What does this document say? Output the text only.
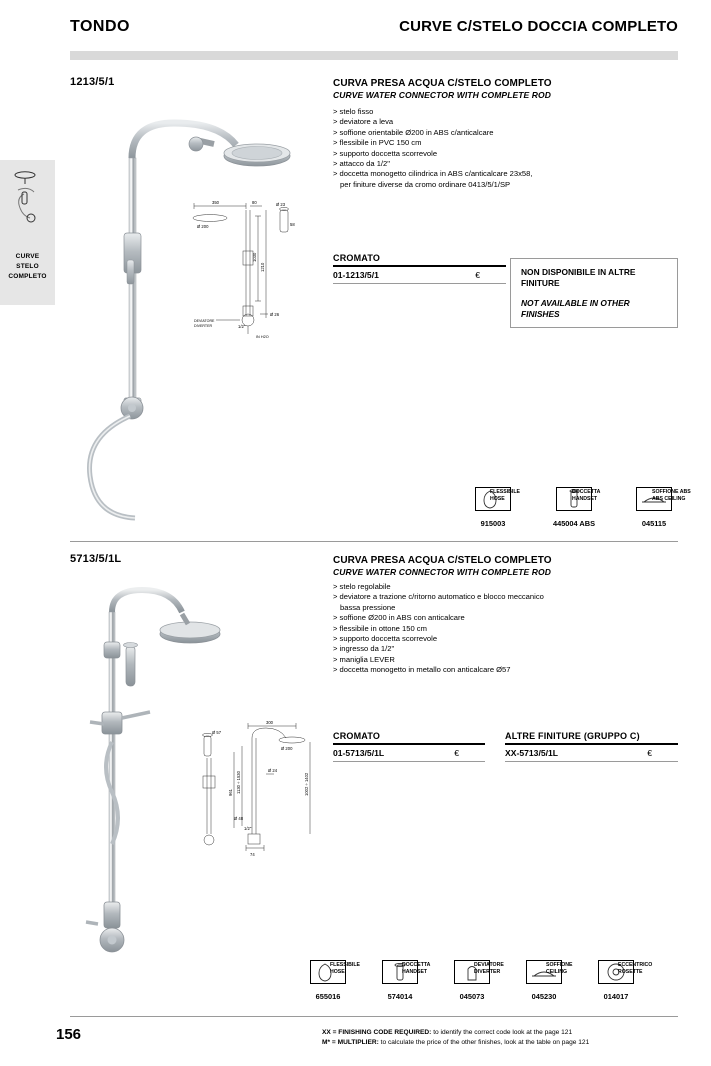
TONDO	CURVE C/STELO DOCCIA COMPLETO
CURVE
STELO
COMPLETO
1213/5/1	CURVA PRESA ACQUA C/STELO COMPLETO
CURVE WATER CONNECTOR WITH COMPLETE ROD
> stelo fisso
> deviatore a leva
> soffione orientabile Ø200 in ABS c/anticalcare
> flessibile in PVC 150 cm
> supporto doccetta scorrevole
> attacco da 1/2"
> doccetta monogetto cilindrica in ABS c/anticalcare 23x58,
per finiture diverse da cromo ordinare 0413/5/1/SP
350	80
Ø 200
1030
1210
Ø 23
58
Ø 26
1/2"
DEVIATORE
DIVERTER
IN H2O
CROMATO
01-1213/5/1	€	NON DISPONIBILE IN ALTRE FINITURE
NOT AVAILABLE IN OTHER FINISHES
FLESSIBILE
HOSE
915003
DOCCETTA
HANDSET
445004 ABS
SOFFIONE ABS
ABS CEILING
045115
5713/5/1L	CURVA PRESA ACQUA C/STELO COMPLETO
CURVE WATER CONNECTOR WITH COMPLETE ROD
> stelo regolabile
> deviatore a trazione c/ritorno automatico e blocco meccanico
bassa pressione
> soffione Ø200 in ABS con anticalcare
> flessibile in ottone 150 cm
> supporto doccetta scorrevole
> ingresso da 1/2"
> maniglia LEVER
> doccetta monogetto in metallo con anticalcare Ø57
300
Ø 57
Ø 200
Ø 24
1130 ÷ 1530
961	1002 ÷ 1402
Ø 48
1/2"
74
CROMATO
01-5713/5/1L	€
ALTRE FINITURE (GRUPPO C)
XX-5713/5/1L	€
FLESSIBILE
HOSE
655016
DOCCETTA
HANDSET
574014
DEVIATORE
DIVERTER
045073
SOFFIONE
CEILING
045230
ECCENTRICO
ROSETTE
014017
156	XX = FINISHING CODE REQUIRED: to identify the correct code look at the page 121
M* = MULTIPLIER: to calculate the price of the other finishes, look at the table on page 121
